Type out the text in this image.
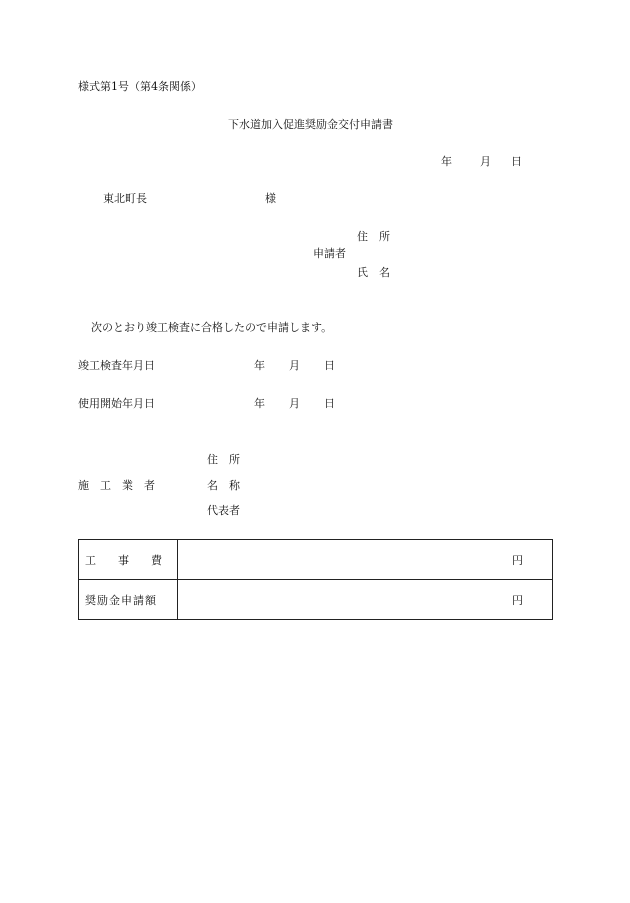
様式第1号（第4条関係）
下水道加入促進奨励金交付申請書
年	月 日
東北町長	様
住　所
申請者
氏　名
次のとおり竣工検査に合格したので申請します。
竣工検査年月日	年 月 日
使用開始年月日	年 月 日
住　所
施　工　業　者	名　称
代表者
工　　事　　費	円
奨励金申請額	円
